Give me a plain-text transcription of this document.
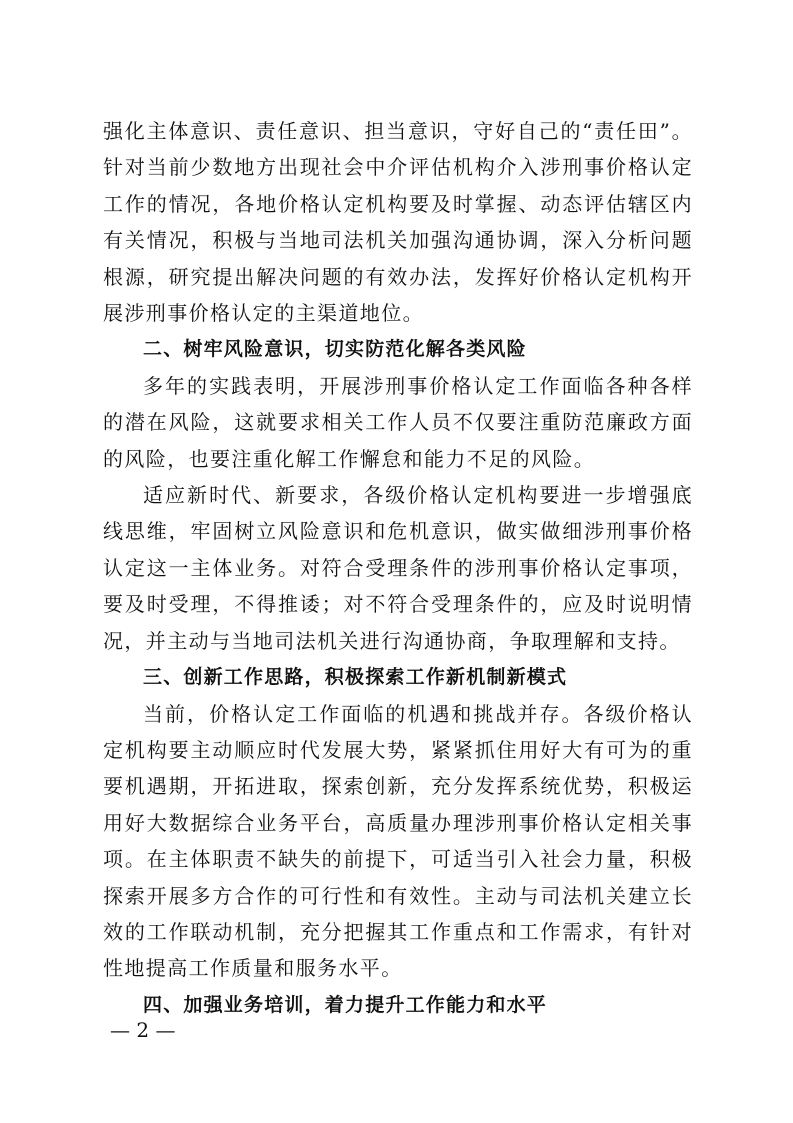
强化主体意识、责任意识、担当意识，守好自己的“责任田”。针对当前少数地方出现社会中介评估机构介入涉刑事价格认定工作的情况，各地价格认定机构要及时掌握、动态评估辖区内有关情况，积极与当地司法机关加强沟通协调，深入分析问题根源，研究提出解决问题的有效办法，发挥好价格认定机构开展涉刑事价格认定的主渠道地位。

二、树牢风险意识，切实防范化解各类风险

多年的实践表明，开展涉刑事价格认定工作面临各种各样的潜在风险，这就要求相关工作人员不仅要注重防范廉政方面的风险，也要注重化解工作懈怠和能力不足的风险。

适应新时代、新要求，各级价格认定机构要进一步增强底线思维，牢固树立风险意识和危机意识，做实做细涉刑事价格认定这一主体业务。对符合受理条件的涉刑事价格认定事项，要及时受理，不得推诿；对不符合受理条件的，应及时说明情况，并主动与当地司法机关进行沟通协商，争取理解和支持。

三、创新工作思路，积极探索工作新机制新模式

当前，价格认定工作面临的机遇和挑战并存。各级价格认定机构要主动顺应时代发展大势，紧紧抓住用好大有可为的重要机遇期，开拓进取，探索创新，充分发挥系统优势，积极运用好大数据综合业务平台，高质量办理涉刑事价格认定相关事项。在主体职责不缺失的前提下，可适当引入社会力量，积极探索开展多方合作的可行性和有效性。主动与司法机关建立长效的工作联动机制，充分把握其工作重点和工作需求，有针对性地提高工作质量和服务水平。

四、加强业务培训，着力提升工作能力和水平

— 2 —
